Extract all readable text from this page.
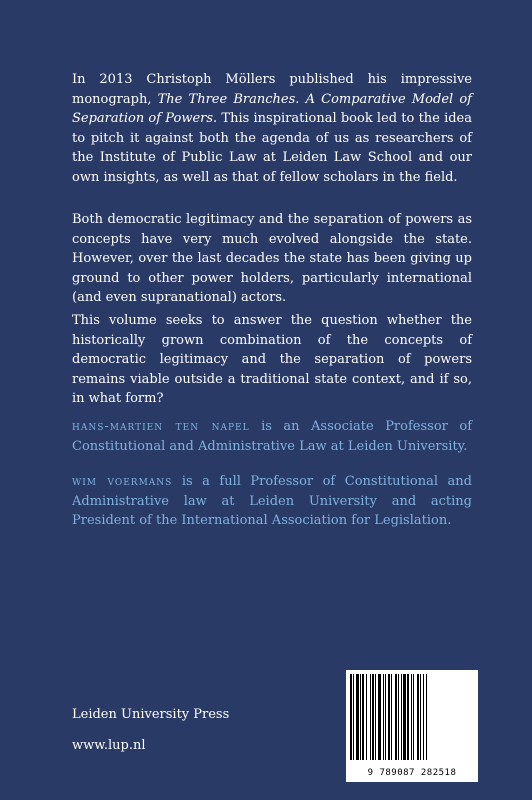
In 2013 Christoph Möllers published his impressive monograph, The Three Branches. A Comparative Model of Separation of Powers. This inspirational book led to the idea to pitch it against both the agenda of us as researchers of the Institute of Public Law at Leiden Law School and our own insights, as well as that of fellow scholars in the field.

Both democratic legitimacy and the separation of powers as concepts have very much evolved alongside the state. However, over the last decades the state has been giving up ground to other power holders, particularly international (and even supranational) actors.

This volume seeks to answer the question whether the historically grown combination of the concepts of democratic legitimacy and the separation of powers remains viable outside a traditional state context, and if so, in what form?

hans-martien ten napel is an Associate Professor of Constitutional and Administrative Law at Leiden University.

wim voermans is a full Professor of Constitutional and Administrative law at Leiden University and acting President of the International Association for Legislation.

Leiden University Press
www.lup.nl
9 789087 282518
